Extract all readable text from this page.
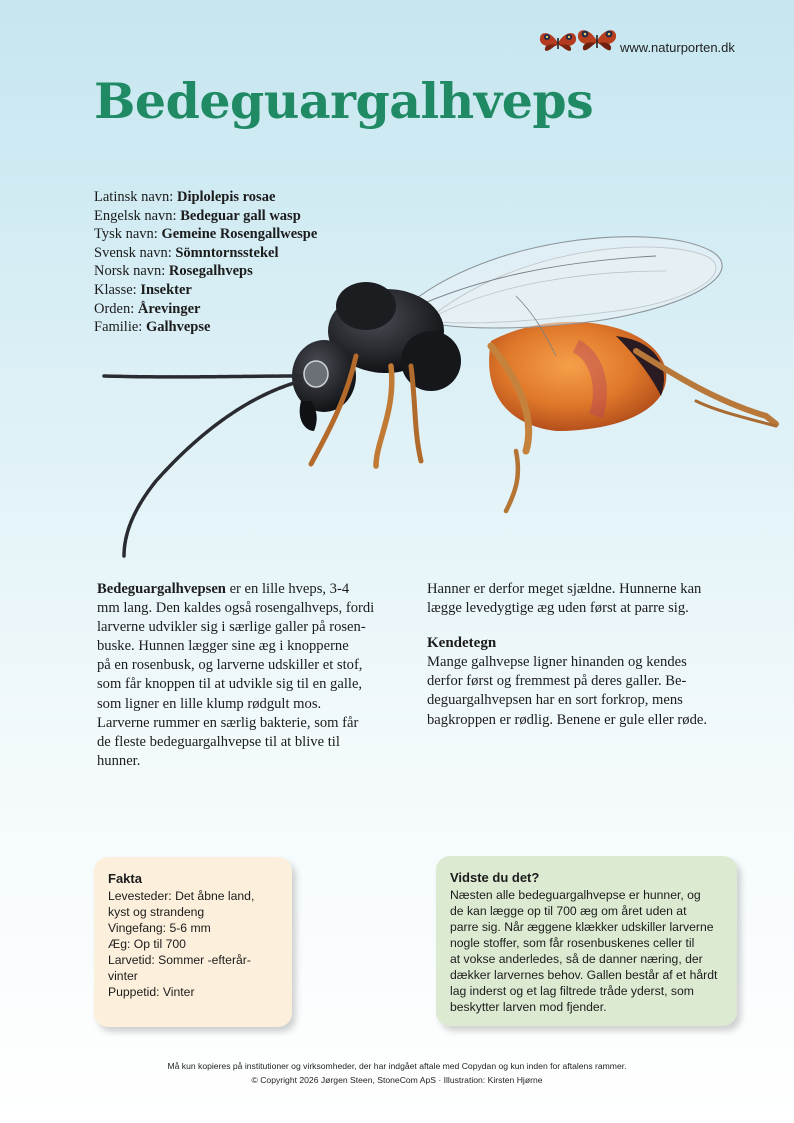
www.naturporten.dk
Bedeguargalhveps
Latinsk navn: Diplolepis rosae
Engelsk navn: Bedeguar gall wasp
Tysk navn: Gemeine Rosengallwespe
Svensk navn: Sömntornsstekel
Norsk navn: Rosegalhveps
Klasse: Insekter
Orden: Årevinger
Familie: Galhvepse

Bedeguargalhvepsen er en lille hveps, 3-4
mm lang. Den kaldes også rosengalhveps, fordi
larverne udvikler sig i særlige galler på rosen-
buske. Hunnen lægger sine æg i knopperne
på en rosenbusk, og larverne udskiller et stof,
som får knoppen til at udvikle sig til en galle,
som ligner en lille klump rødgult mos.
Larverne rummer en særlig bakterie, som får
de fleste bedeguargalhvepse til at blive til
hunner.

Hanner er derfor meget sjældne. Hunnerne kan
lægge levedygtige æg uden først at parre sig.

Kendetegn

Mange galhvepse ligner hinanden og kendes
derfor først og fremmest på deres galler. Be-
deguargalhvepsen har en sort forkrop, mens
bagkroppen er rødlig. Benene er gule eller røde.

Fakta
Levesteder: Det åbne land,
kyst og strandeng
Vingefang: 5-6 mm
Æg: Op til 700
Larvetid: Sommer -efterår-
vinter
Puppetid: Vinter
Vidste du det?
Næsten alle bedeguargalhvepse er hunner, og
de kan lægge op til 700 æg om året uden at
parre sig. Når æggene klækker udskiller larverne
nogle stoffer, som får rosenbuskenes celler til
at vokse anderledes, så de danner næring, der
dækker larvernes behov. Gallen består af et hårdt
lag inderst og et lag filtrede tråde yderst, som
beskytter larven mod fjender.
Må kun kopieres på institutioner og virksomheder, der har indgået aftale med Copydan og kun inden for aftalens rammer.
© Copyright 2026 Jørgen Steen, StoneCom ApS · Illustration: Kirsten Hjørne
